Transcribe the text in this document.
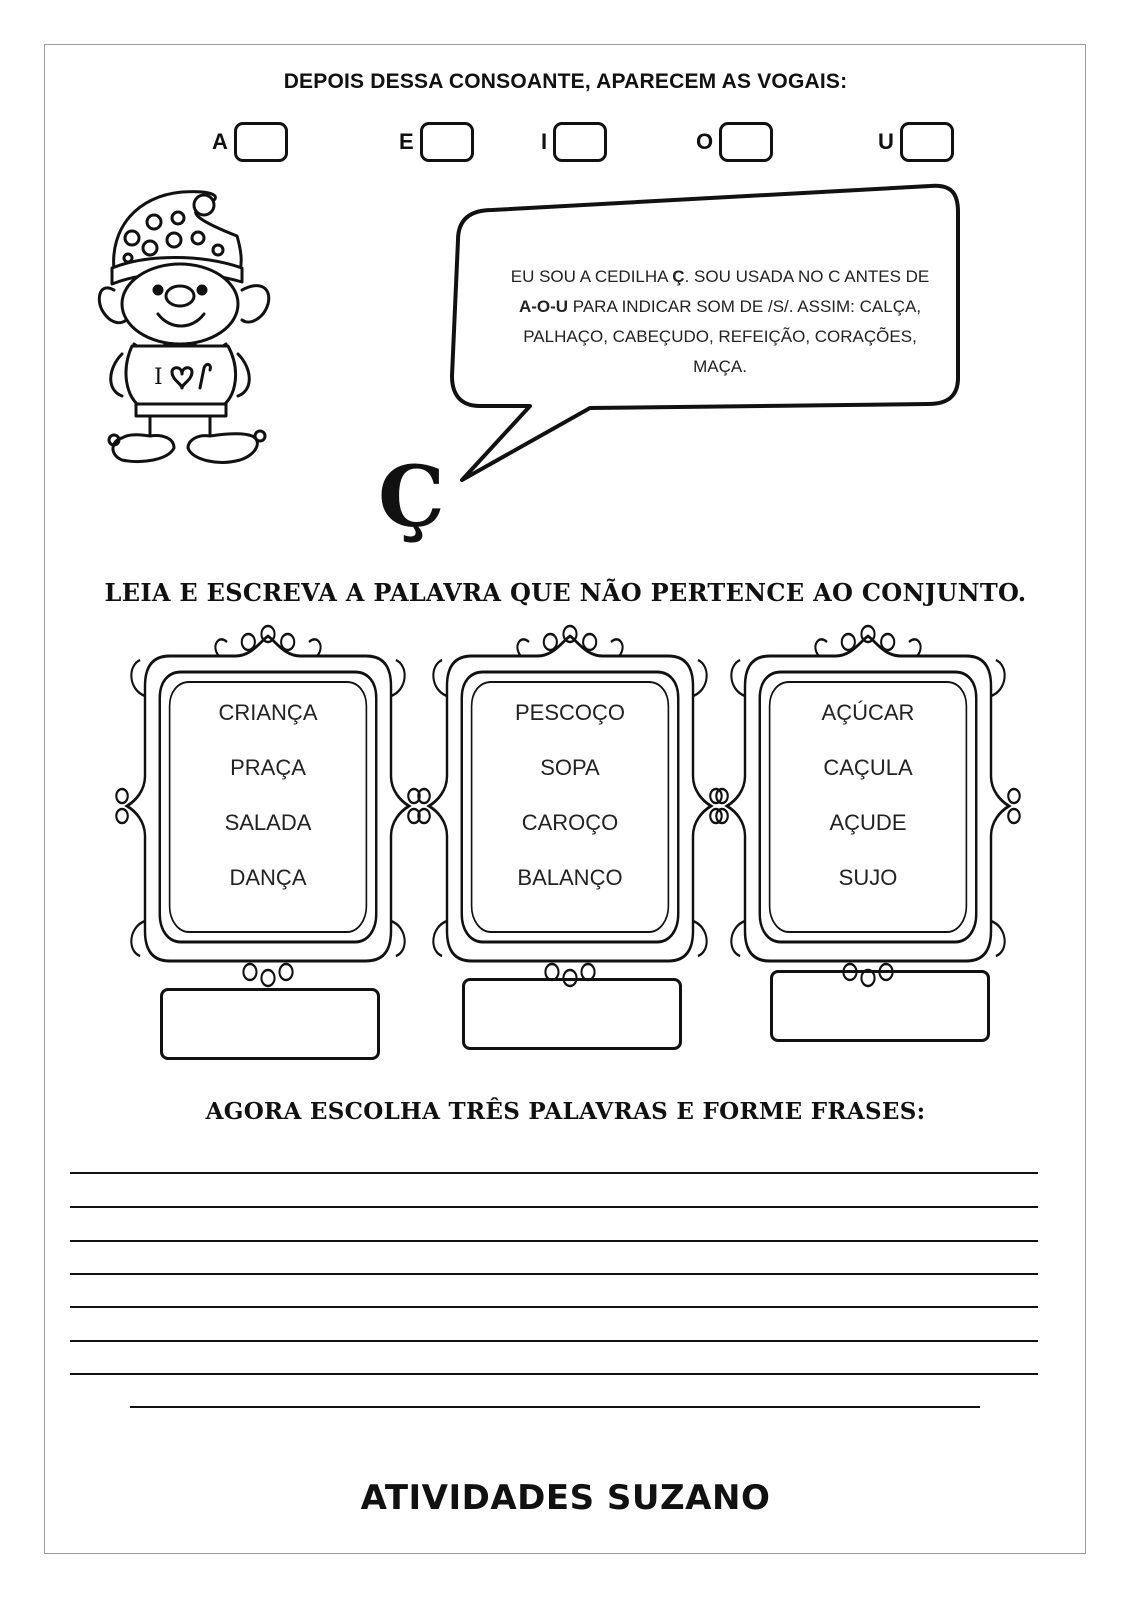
DEPOIS DESSA CONSOANTE, APARECEM AS VOGAIS:
A	E	I	O	U
I
EU SOU A CEDILHA Ç. SOU USADA NO C ANTES DE
A-O-U PARA INDICAR SOM DE /S/. ASSIM: CALÇA,
PALHAÇO, CABEÇUDO, REFEIÇÃO, CORAÇÕES,
MAÇA.
Ç
LEIA E ESCREVA A PALAVRA QUE NÃO PERTENCE AO CONJUNTO.
CRIANÇA
PRAÇA
SALADA
DANÇA
PESCOÇO
SOPA
CAROÇO
BALANÇO
AÇÚCAR
CAÇULA
AÇUDE
SUJO
AGORA ESCOLHA TRÊS PALAVRAS E FORME FRASES:
ATIVIDADES SUZANO
